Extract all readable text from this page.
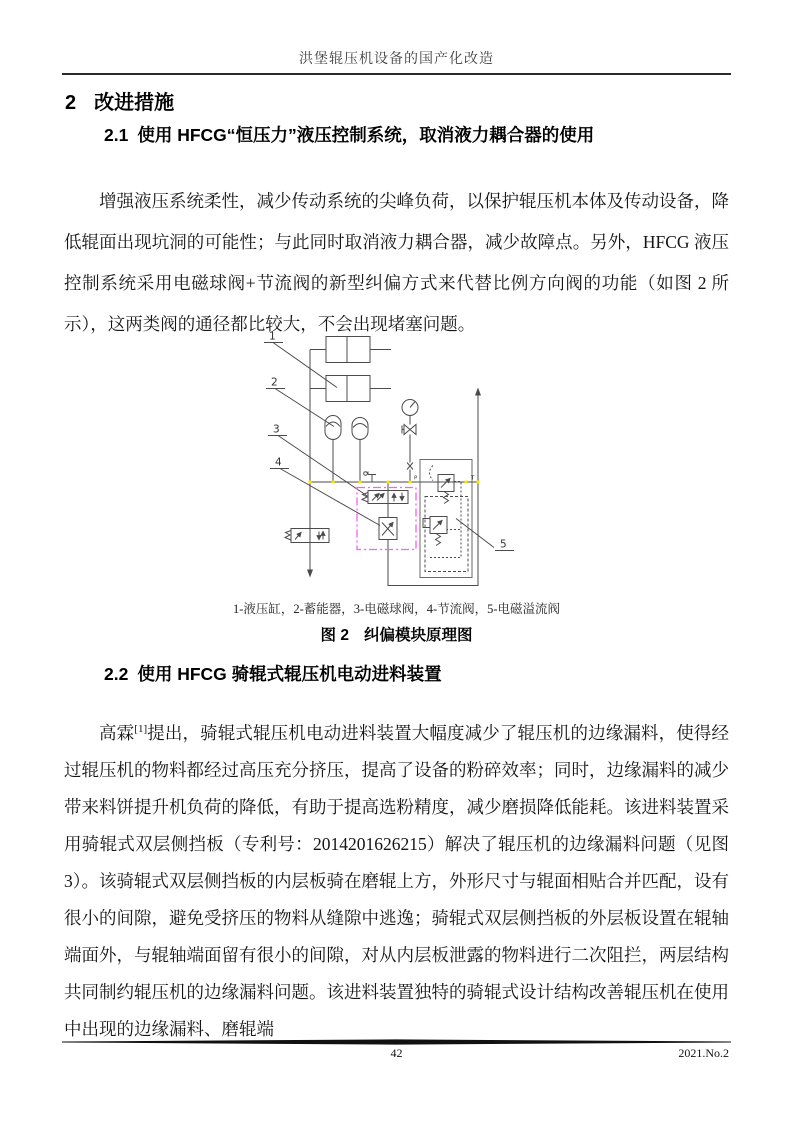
洪堡辊压机设备的国产化改造
2 改进措施
2.1 使用 HFCG“恒压力”液压控制系统，取消液力耦合器的使用

增强液压系统柔性，减少传动系统的尖峰负荷，以保护辊压机本体及传动设备，降低辊面出现坑洞的可能性；与此同时取消液力耦合器，减少故障点。另外，HFCG 液压控制系统采用电磁球阀+节流阀的新型纠偏方式来代替比例方向阀的功能（如图 2 所示），这两类阀的通径都比较大，不会出现堵塞问题。

1
2
3
4
5
P	T
1-液压缸，2-蓄能器，3-电磁球阀，4-节流阀，5-电磁溢流阀
图 2 纠偏模块原理图
2.2 使用 HFCG 骑辊式辊压机电动进料装置

高霖[1]提出，骑辊式辊压机电动进料装置大幅度减少了辊压机的边缘漏料，使得经过辊压机的物料都经过高压充分挤压，提高了设备的粉碎效率；同时，边缘漏料的减少带来料饼提升机负荷的降低，有助于提高选粉精度，减少磨损降低能耗。该进料装置采用骑辊式双层侧挡板（专利号：2014201626215）解决了辊压机的边缘漏料问题（见图 3）。该骑辊式双层侧挡板的内层板骑在磨辊上方，外形尺寸与辊面相贴合并匹配，设有很小的间隙，避免受挤压的物料从缝隙中逃逸；骑辊式双层侧挡板的外层板设置在辊轴端面外，与辊轴端面留有很小的间隙，对从内层板泄露的物料进行二次阻拦，两层结构共同制约辊压机的边缘漏料问题。该进料装置独特的骑辊式设计结构改善辊压机在使用中出现的边缘漏料、磨辊端

42	2021.No.2
